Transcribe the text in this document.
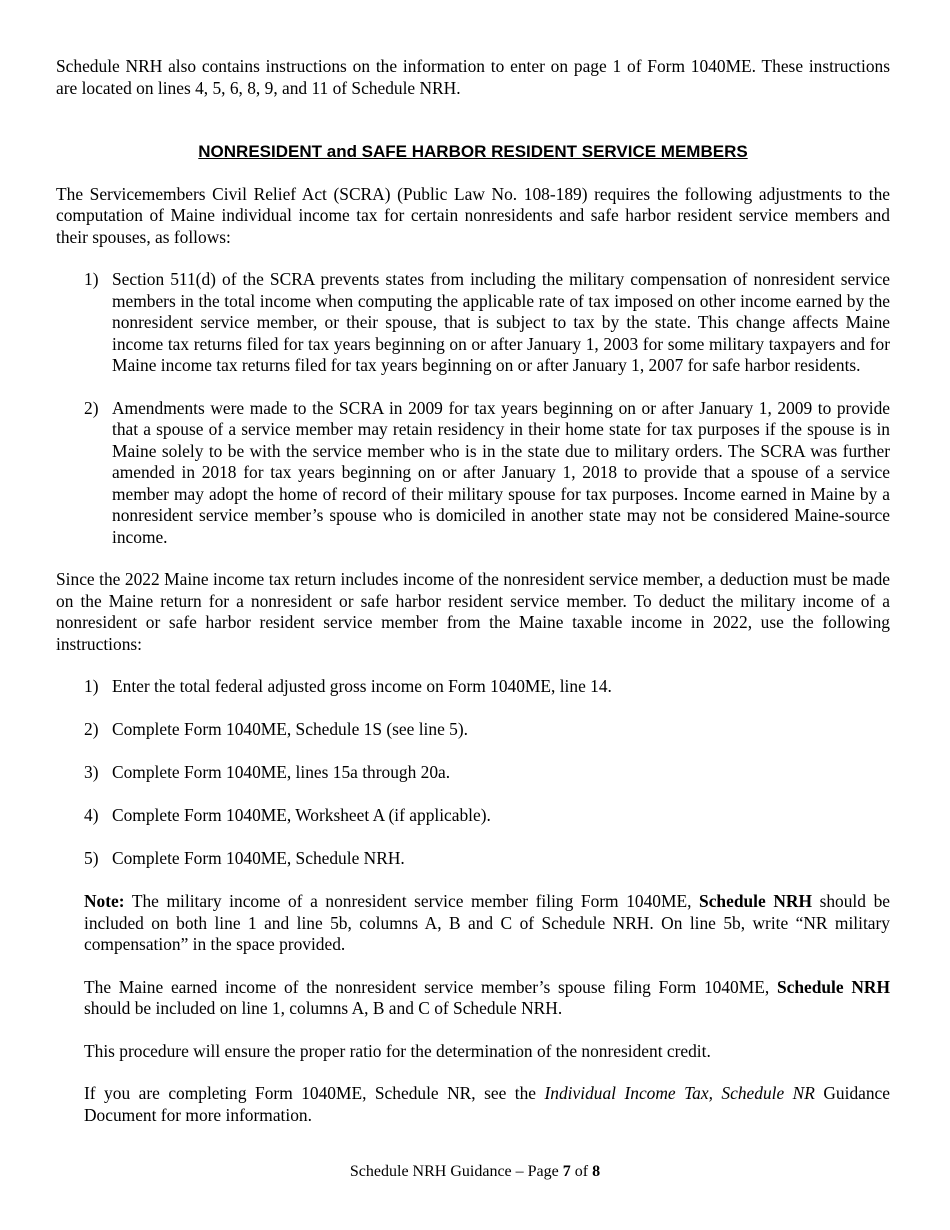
Schedule NRH also contains instructions on the information to enter on page 1 of Form 1040ME. These instructions are located on lines 4, 5, 6, 8, 9, and 11 of Schedule NRH.

NONRESIDENT and SAFE HARBOR RESIDENT SERVICE MEMBERS

The Servicemembers Civil Relief Act (SCRA) (Public Law No. 108-189) requires the following adjustments to the computation of Maine individual income tax for certain nonresidents and safe harbor resident service members and their spouses, as follows:

1) Section 511(d) of the SCRA prevents states from including the military compensation of nonresident service members in the total income when computing the applicable rate of tax imposed on other income earned by the nonresident service member, or their spouse, that is subject to tax by the state. This change affects Maine income tax returns filed for tax years beginning on or after January 1, 2003 for some military taxpayers and for Maine income tax returns filed for tax years beginning on or after January 1, 2007 for safe harbor residents.
2) Amendments were made to the SCRA in 2009 for tax years beginning on or after January 1, 2009 to provide that a spouse of a service member may retain residency in their home state for tax purposes if the spouse is in Maine solely to be with the service member who is in the state due to military orders. The SCRA was further amended in 2018 for tax years beginning on or after January 1, 2018 to provide that a spouse of a service member may adopt the home of record of their military spouse for tax purposes. Income earned in Maine by a nonresident service member’s spouse who is domiciled in another state may not be considered Maine-source income.

Since the 2022 Maine income tax return includes income of the nonresident service member, a deduction must be made on the Maine return for a nonresident or safe harbor resident service member. To deduct the military income of a nonresident or safe harbor resident service member from the Maine taxable income in 2022, use the following instructions:

1) Enter the total federal adjusted gross income on Form 1040ME, line 14.
2) Complete Form 1040ME, Schedule 1S (see line 5).
3) Complete Form 1040ME, lines 15a through 20a.
4) Complete Form 1040ME, Worksheet A (if applicable).
5) Complete Form 1040ME, Schedule NRH.

Note: The military income of a nonresident service member filing Form 1040ME, Schedule NRH should be included on both line 1 and line 5b, columns A, B and C of Schedule NRH. On line 5b, write “NR military compensation” in the space provided.

The Maine earned income of the nonresident service member’s spouse filing Form 1040ME, Schedule NRH should be included on line 1, columns A, B and C of Schedule NRH.

This procedure will ensure the proper ratio for the determination of the nonresident credit.

If you are completing Form 1040ME, Schedule NR, see the Individual Income Tax, Schedule NR Guidance Document for more information.

Schedule NRH Guidance – Page 7 of 8
